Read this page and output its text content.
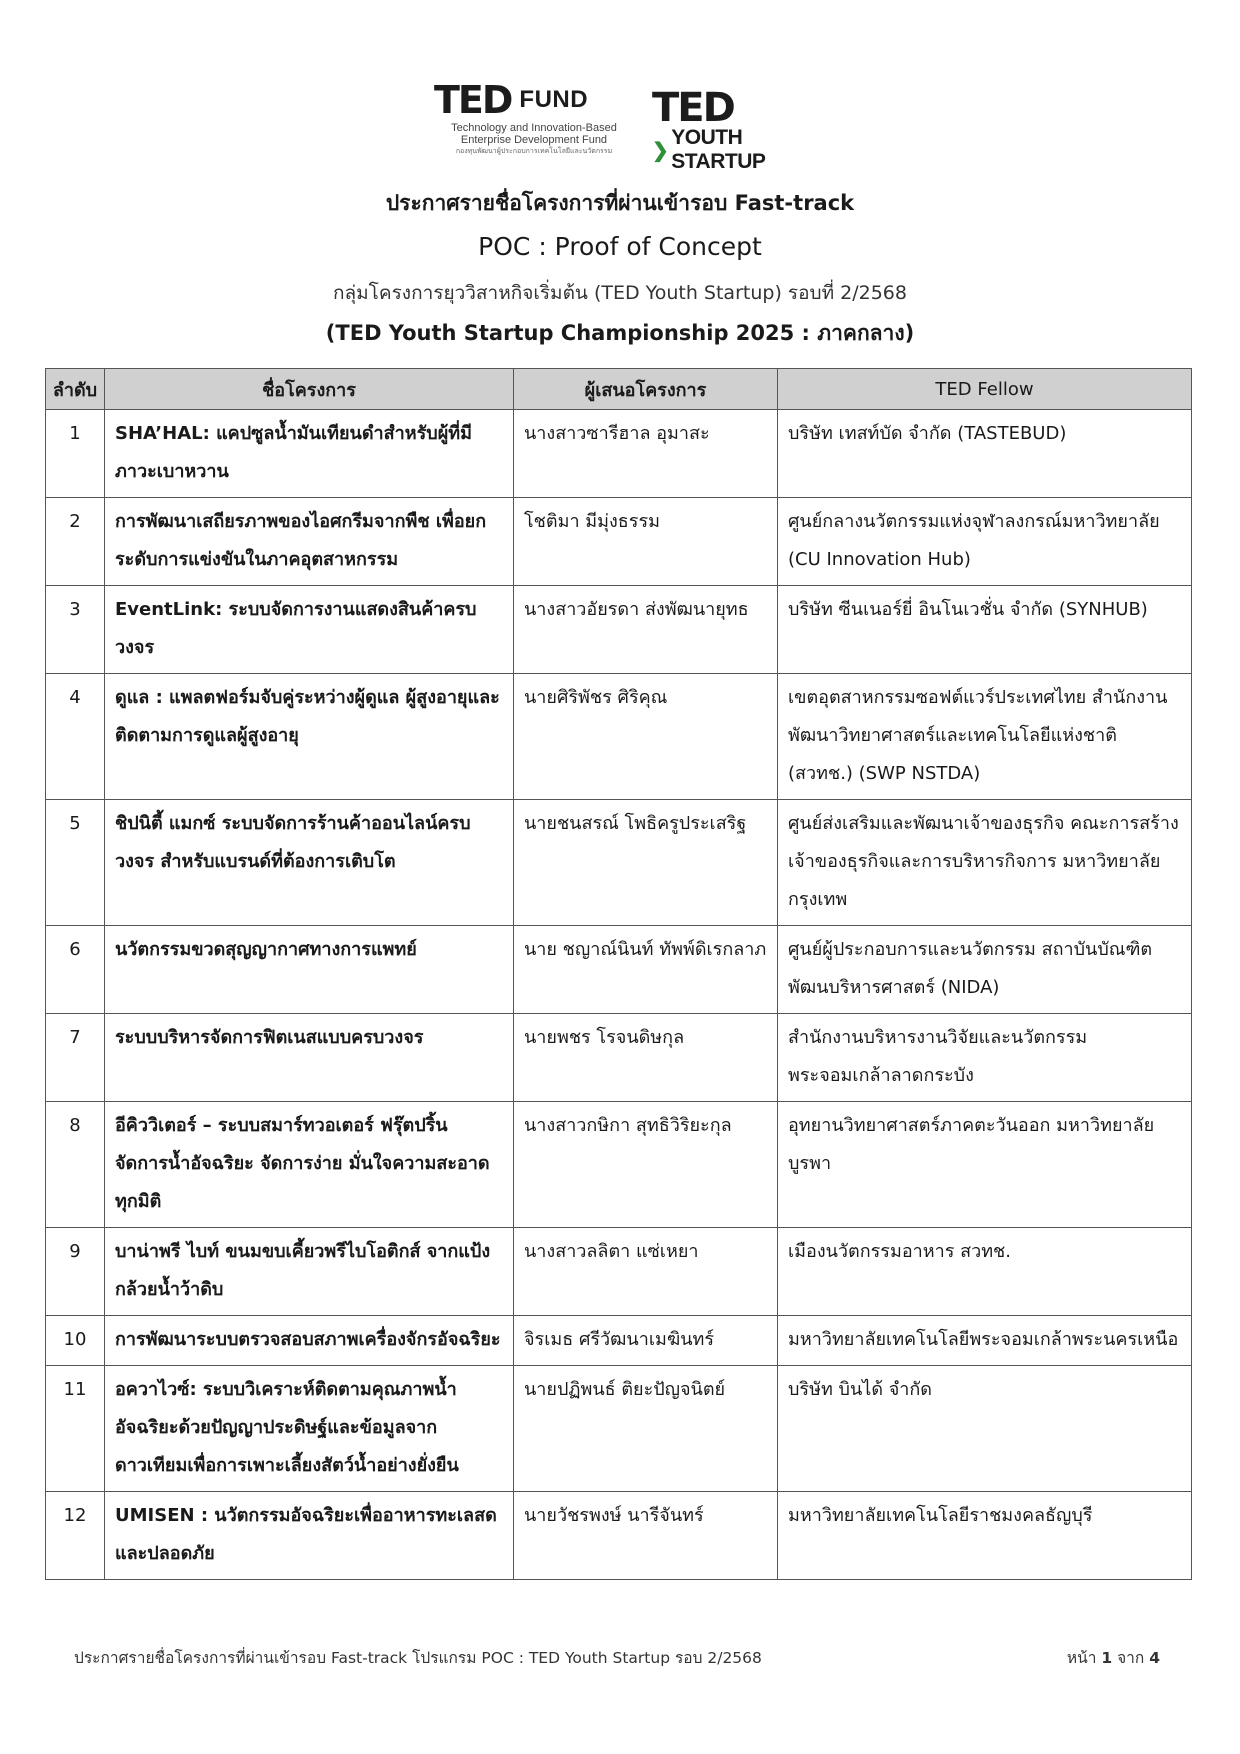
TED FUND
Technology and Innovation-Based
Enterprise Development Fund
กองทุนพัฒนาผู้ประกอบการเทคโนโลยีและนวัตกรรม
TED
❯
YOUTH STARTUP
ประกาศรายชื่อโครงการที่ผ่านเข้ารอบ Fast-track
POC : Proof of Concept
กลุ่มโครงการยุววิสาหกิจเริ่มต้น (TED Youth Startup) รอบที่ 2/2568
(TED Youth Startup Championship 2025 : ภาคกลาง)
ลำดับ	ชื่อโครงการ	ผู้เสนอโครงการ	TED Fellow
1	SHA’HAL: แคปซูลน้ำมันเทียนดำสำหรับผู้ที่มีภาวะเบาหวาน	นางสาวซารีฮาล อุมาสะ	บริษัท เทสท์บัด จำกัด (TASTEBUD)
2	การพัฒนาเสถียรภาพของไอศกรีมจากพืช เพื่อยกระดับการแข่งขันในภาคอุตสาหกรรม	โชติมา มีมุ่งธรรม	ศูนย์กลางนวัตกรรมแห่งจุฬาลงกรณ์มหาวิทยาลัย (CU Innovation Hub)
3	EventLink: ระบบจัดการงานแสดงสินค้าครบวงจร	นางสาวอัยรดา ส่งพัฒนายุทธ	บริษัท ซีนเนอร์ยี่ อินโนเวชั่น จำกัด (SYNHUB)
4	ดูแล : แพลตฟอร์มจับคู่ระหว่างผู้ดูแล ผู้สูงอายุและติดตามการดูแลผู้สูงอายุ	นายศิริพัชร ศิริคุณ	เขตอุตสาหกรรมซอฟต์แวร์ประเทศไทย สำนักงานพัฒนาวิทยาศาสตร์และเทคโนโลยีแห่งชาติ (สวทช.) (SWP NSTDA)
5	ชิปนิตี้ แมกซ์ ระบบจัดการร้านค้าออนไลน์ครบวงจร สำหรับแบรนด์ที่ต้องการเติบโต	นายชนสรณ์ โพธิครูประเสริฐ	ศูนย์ส่งเสริมและพัฒนาเจ้าของธุรกิจ คณะการสร้างเจ้าของธุรกิจและการบริหารกิจการ มหาวิทยาลัยกรุงเทพ
6	นวัตกรรมขวดสุญญากาศทางการแพทย์	นาย ชญาณ์นินท์ ทัพพ์ดิเรกลาภ	ศูนย์ผู้ประกอบการและนวัตกรรม สถาบันบัณฑิตพัฒนบริหารศาสตร์ (NIDA)
7	ระบบบริหารจัดการฟิตเนสแบบครบวงจร	นายพชร โรจนดิษกุล	สำนักงานบริหารงานวิจัยและนวัตกรรมพระจอมเกล้าลาดกระบัง
8	อีคิววิเตอร์ – ระบบสมาร์ทวอเตอร์ ฟรุ๊ตปริ้น จัดการน้ำอัจฉริยะ จัดการง่าย มั่นใจความสะอาดทุกมิติ	นางสาวกษิกา สุทธิวิริยะกุล	อุทยานวิทยาศาสตร์ภาคตะวันออก มหาวิทยาลัยบูรพา
9	บาน่าพรี ไบท์ ขนมขบเคี้ยวพรีไบโอติกส์ จากแป้งกล้วยน้ำว้าดิบ	นางสาวลลิตา แซ่เหยา	เมืองนวัตกรรมอาหาร สวทช.
10	การพัฒนาระบบตรวจสอบสภาพเครื่องจักรอัจฉริยะ	จิรเมธ ศรีวัฒนาเมฆินทร์	มหาวิทยาลัยเทคโนโลยีพระจอมเกล้าพระนครเหนือ
11	อควาไวซ์: ระบบวิเคราะห์ติดตามคุณภาพน้ำอัจฉริยะด้วยปัญญาประดิษฐ์และข้อมูลจากดาวเทียมเพื่อการเพาะเลี้ยงสัตว์น้ำอย่างยั่งยืน	นายปฏิพนธ์ ติยะปัญจนิตย์	บริษัท บินได้ จำกัด
12	UMISEN : นวัตกรรมอัจฉริยะเพื่ออาหารทะเลสดและปลอดภัย	นายวัชรพงษ์ นารีจันทร์	มหาวิทยาลัยเทคโนโลยีราชมงคลธัญบุรี
ประกาศรายชื่อโครงการที่ผ่านเข้ารอบ Fast-track โปรแกรม POC : TED Youth Startup รอบ 2/2568	หน้า 1 จาก 4
